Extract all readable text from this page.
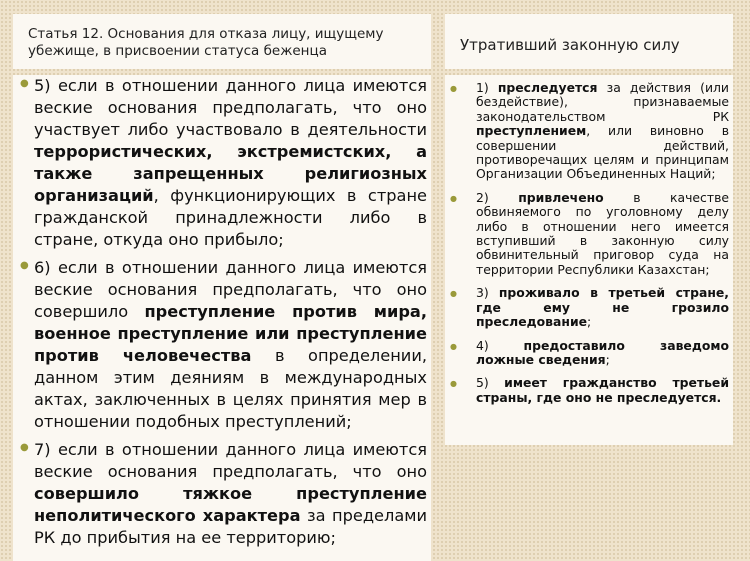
Статья 12. Основания для отказа лицу, ищущему
убежище, в присвоении статуса беженца	Утративший законную силу
● 5) если в отношении данного лица имеются веские основания предполагать, что оно участвует либо участвовало в деятельности террористических, экстремистских, а также запрещенных религиозных организаций, функционирующих в стране гражданской принадлежности либо в стране, откуда оно прибыло;
● 6) если в отношении данного лица имеются веские основания предполагать, что оно совершило преступление против мира, военное преступление или преступление против человечества в определении, данном этим деяниям в международных актах, заключенных в целях принятия мер в отношении подобных преступлений;
● 7) если в отношении данного лица имеются веские основания предполагать, что оно совершило тяжкое преступление неполитического характера за пределами РК до прибытия на ее территорию;
●	1) преследуется за действия (или бездействие), признаваемые законодательством РК преступлением, или виновно в совершении действий, противоречащих целям и принципам Организации Объединенных Наций;
●	2) привлечено в качестве обвиняемого по уголовному делу либо в отношении него имеется вступивший в законную силу обвинительный приговор суда на территории Республики Казахстан;
●	3) проживало в третьей стране, где ему не грозило преследование;
●	4) предоставило заведомо ложные сведения;
●	5) имеет гражданство третьей страны, где оно не преследуется.
